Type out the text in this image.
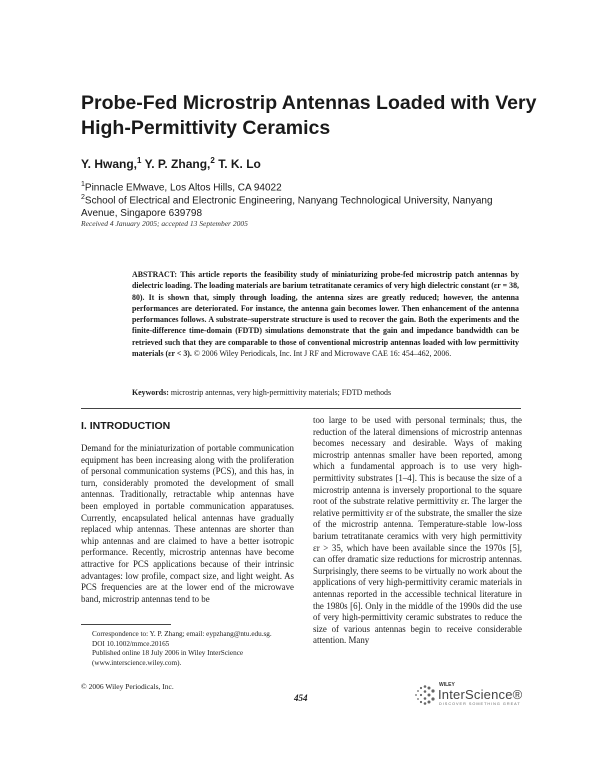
Probe-Fed Microstrip Antennas Loaded with Very High-Permittivity Ceramics
Y. Hwang,$^1$ Y. P. Zhang,$^2$ T. K. Lo
$^1$Pinnacle EMwave, Los Altos Hills, CA 94022
$^2$School of Electrical and Electronic Engineering, Nanyang Technological University, Nanyang Avenue, Singapore 639798
Received 4 January 2005; accepted 13 September 2005
ABSTRACT: This article reports the feasibility study of miniaturizing probe-fed microstrip patch antennas by dielectric loading. The loading materials are barium tetratitanate ceramics of very high dielectric constant (εr = 38, 80). It is shown that, simply through loading, the antenna sizes are greatly reduced; however, the antenna performances are deteriorated. For instance, the antenna gain becomes lower. Then enhancement of the antenna performances follows. A substrate–superstrate structure is used to recover the gain. Both the experiments and the finite-difference time-domain (FDTD) simulations demonstrate that the gain and impedance bandwidth can be retrieved such that they are comparable to those of conventional microstrip antennas loaded with low permittivity materials (εr < 3). © 2006 Wiley Periodicals, Inc. Int J RF and Microwave CAE 16: 454–462, 2006.
Keywords: microstrip antennas, very high-permittivity materials; FDTD methods
I. INTRODUCTION

Demand for the miniaturization of portable communication equipment has been increasing along with the proliferation of personal communication systems (PCS), and this has, in turn, considerably promoted the development of small antennas. Traditionally, retractable whip antennas have been employed in portable communication apparatuses. Currently, encapsulated helical antennas have gradually replaced whip antennas. These antennas are shorter than whip antennas and are claimed to have a better isotropic performance. Recently, microstrip antennas have become attractive for PCS applications because of their intrinsic advantages: low profile, compact size, and light weight. As PCS frequencies are at the lower end of the microwave band, microstrip antennas tend to be

too large to be used with personal terminals; thus, the reduction of the lateral dimensions of microstrip antennas becomes necessary and desirable. Ways of making microstrip antennas smaller have been reported, among which a fundamental approach is to use very high-permittivity substrates [1–4]. This is because the size of a microstrip antenna is inversely proportional to the square root of the substrate relative permittivity εr. The larger the relative permittivity εr of the substrate, the smaller the size of the microstrip antenna. Temperature-stable low-loss barium tetratitanate ceramics with very high permittivity εr > 35, which have been available since the 1970s [5], can offer dramatic size reductions for microstrip antennas. Surprisingly, there seems to be virtually no work about the applications of very high-permittivity ceramic materials in antennas reported in the accessible technical literature in the 1980s [6]. Only in the middle of the 1990s did the use of very high-permittivity ceramic substrates to reduce the size of various antennas begin to receive considerable attention. Many

Correspondence to: Y. P. Zhang; email: eypzhang@ntu.edu.sg.

DOI 10.1002/mmce.20165

Published online 18 July 2006 in Wiley InterScience (www.interscience.wiley.com).

© 2006 Wiley Periodicals, Inc.
454
WILEY
InterScience®
DISCOVER SOMETHING GREAT
